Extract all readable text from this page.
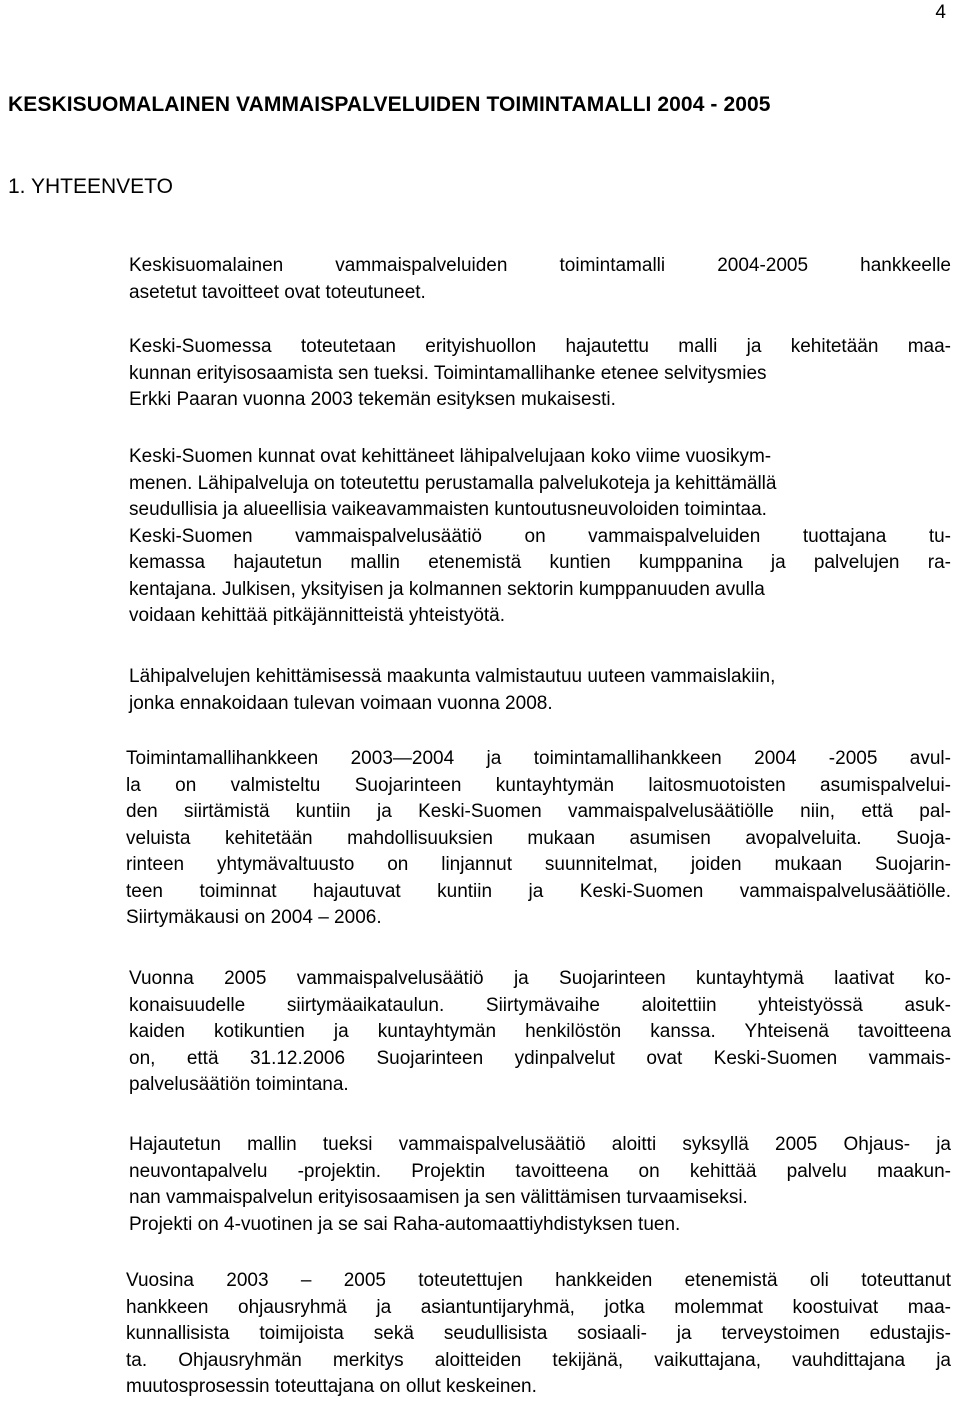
4
KESKISUOMALAINEN VAMMAISPALVELUIDEN TOIMINTAMALLI 2004 - 2005
1. YHTEENVETO
Keskisuomalainen vammaispalveluiden toimintamalli 2004-2005 hankkeelle
asetetut tavoitteet ovat toteutuneet.
Keski-Suomessa toteutetaan erityishuollon hajautettu malli ja kehitetään maa-
kunnan erityisosaamista sen tueksi. Toimintamallihanke etenee selvitysmies
Erkki Paaran vuonna 2003 tekemän esityksen mukaisesti.
Keski-Suomen kunnat ovat kehittäneet lähipalvelujaan koko viime vuosikym-
menen. Lähipalveluja on toteutettu perustamalla palvelukoteja ja kehittämällä
seudullisia ja alueellisia vaikeavammaisten kuntoutusneuvoloiden toimintaa.
Keski-Suomen vammaispalvelusäätiö on vammaispalveluiden tuottajana tu-
kemassa hajautetun mallin etenemistä kuntien kumppanina ja palvelujen ra-
kentajana. Julkisen, yksityisen ja kolmannen sektorin kumppanuuden avulla
voidaan kehittää pitkäjännitteistä yhteistyötä.
Lähipalvelujen kehittämisessä maakunta valmistautuu uuteen vammaislakiin,
jonka ennakoidaan tulevan voimaan vuonna 2008.
Toimintamallihankkeen 2003—2004 ja toimintamallihankkeen 2004 -2005 avul-
la on valmisteltu Suojarinteen kuntayhtymän laitosmuotoisten asumispalvelui-
den siirtämistä kuntiin ja Keski-Suomen vammaispalvelusäätiölle niin, että pal-
veluista kehitetään mahdollisuuksien mukaan asumisen avopalveluita. Suoja-
rinteen yhtymävaltuusto on linjannut suunnitelmat, joiden mukaan Suojarin-
teen toiminnat hajautuvat kuntiin ja Keski-Suomen vammaispalvelusäätiölle.
Siirtymäkausi on 2004 – 2006.
Vuonna 2005 vammaispalvelusäätiö ja Suojarinteen kuntayhtymä laativat ko-
konaisuudelle siirtymäaikataulun. Siirtymävaihe aloitettiin yhteistyössä asuk-
kaiden kotikuntien ja kuntayhtymän henkilöstön kanssa. Yhteisenä tavoitteena
on, että 31.12.2006 Suojarinteen ydinpalvelut ovat Keski-Suomen vammais-
palvelusäätiön toimintana.
Hajautetun mallin tueksi vammaispalvelusäätiö aloitti syksyllä 2005 Ohjaus- ja
neuvontapalvelu -projektin. Projektin tavoitteena on kehittää palvelu maakun-
nan vammaispalvelun erityisosaamisen ja sen välittämisen turvaamiseksi.
Projekti on 4-vuotinen ja se sai Raha-automaattiyhdistyksen tuen.
Vuosina 2003 – 2005 toteutettujen hankkeiden etenemistä oli toteuttanut
hankkeen ohjausryhmä ja asiantuntijaryhmä, jotka molemmat koostuivat maa-
kunnallisista toimijoista sekä seudullisista sosiaali- ja terveystoimen edustajis-
ta. Ohjausryhmän merkitys aloitteiden tekijänä, vaikuttajana, vauhdittajana ja
muutosprosessin toteuttajana on ollut keskeinen.
